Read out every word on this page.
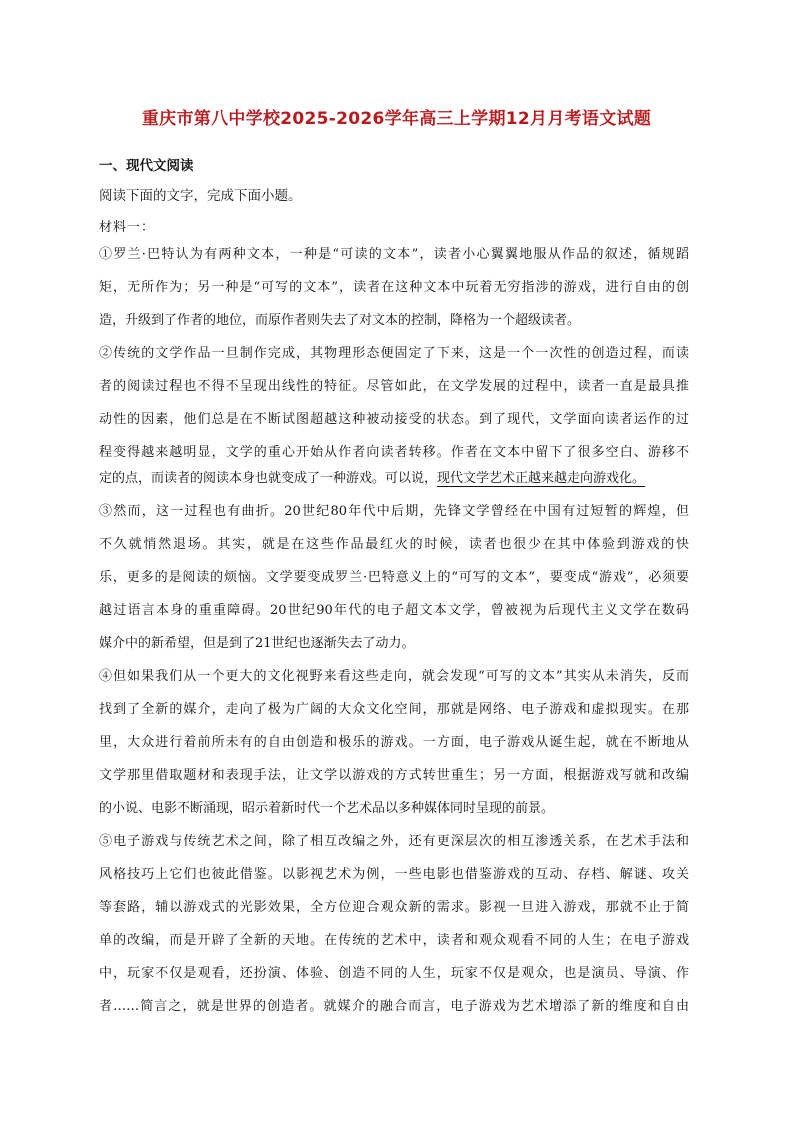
重庆市第八中学校2025-2026学年高三上学期12月月考语文试题
一、现代文阅读
阅读下面的文字，完成下面小题。
材料一：
①罗兰·巴特认为有两种文本，一种是“可读的文本”，读者小心翼翼地服从作品的叙述，循规蹈
矩，无所作为；另一种是“可写的文本”，读者在这种文本中玩着无穷指涉的游戏，进行自由的创
造，升级到了作者的地位，而原作者则失去了对文本的控制，降格为一个超级读者。
②传统的文学作品一旦制作完成，其物理形态便固定了下来，这是一个一次性的创造过程，而读
者的阅读过程也不得不呈现出线性的特征。尽管如此，在文学发展的过程中，读者一直是最具推
动性的因素，他们总是在不断试图超越这种被动接受的状态。到了现代，文学面向读者运作的过
程变得越来越明显，文学的重心开始从作者向读者转移。作者在文本中留下了很多空白、游移不
定的点，而读者的阅读本身也就变成了一种游戏。可以说，现代文学艺术正越来越走向游戏化。
③然而，这一过程也有曲折。20世纪80年代中后期，先锋文学曾经在中国有过短暂的辉煌，但
不久就悄然退场。其实，就是在这些作品最红火的时候，读者也很少在其中体验到游戏的快
乐，更多的是阅读的烦恼。文学要变成罗兰·巴特意义上的“可写的文本”，要变成“游戏”，必须要
越过语言本身的重重障碍。20世纪90年代的电子超文本文学，曾被视为后现代主义文学在数码
媒介中的新希望，但是到了21世纪也逐渐失去了动力。
④但如果我们从一个更大的文化视野来看这些走向，就会发现“可写的文本”其实从未消失，反而
找到了全新的媒介，走向了极为广阔的大众文化空间，那就是网络、电子游戏和虚拟现实。在那
里，大众进行着前所未有的自由创造和极乐的游戏。一方面，电子游戏从诞生起，就在不断地从
文学那里借取题材和表现手法，让文学以游戏的方式转世重生；另一方面，根据游戏写就和改编
的小说、电影不断涌现，昭示着新时代一个艺术品以多种媒体同时呈现的前景。
⑤电子游戏与传统艺术之间，除了相互改编之外，还有更深层次的相互渗透关系，在艺术手法和
风格技巧上它们也彼此借鉴。以影视艺术为例，一些电影也借鉴游戏的互动、存档、解谜、攻关
等套路，辅以游戏式的光影效果，全方位迎合观众新的需求。影视一旦进入游戏，那就不止于简
单的改编，而是开辟了全新的天地。在传统的艺术中，读者和观众观看不同的人生；在电子游戏
中，玩家不仅是观看，还扮演、体验、创造不同的人生，玩家不仅是观众，也是演员、导演、作
者……简言之，就是世界的创造者。就媒介的融合而言，电子游戏为艺术增添了新的维度和自由
